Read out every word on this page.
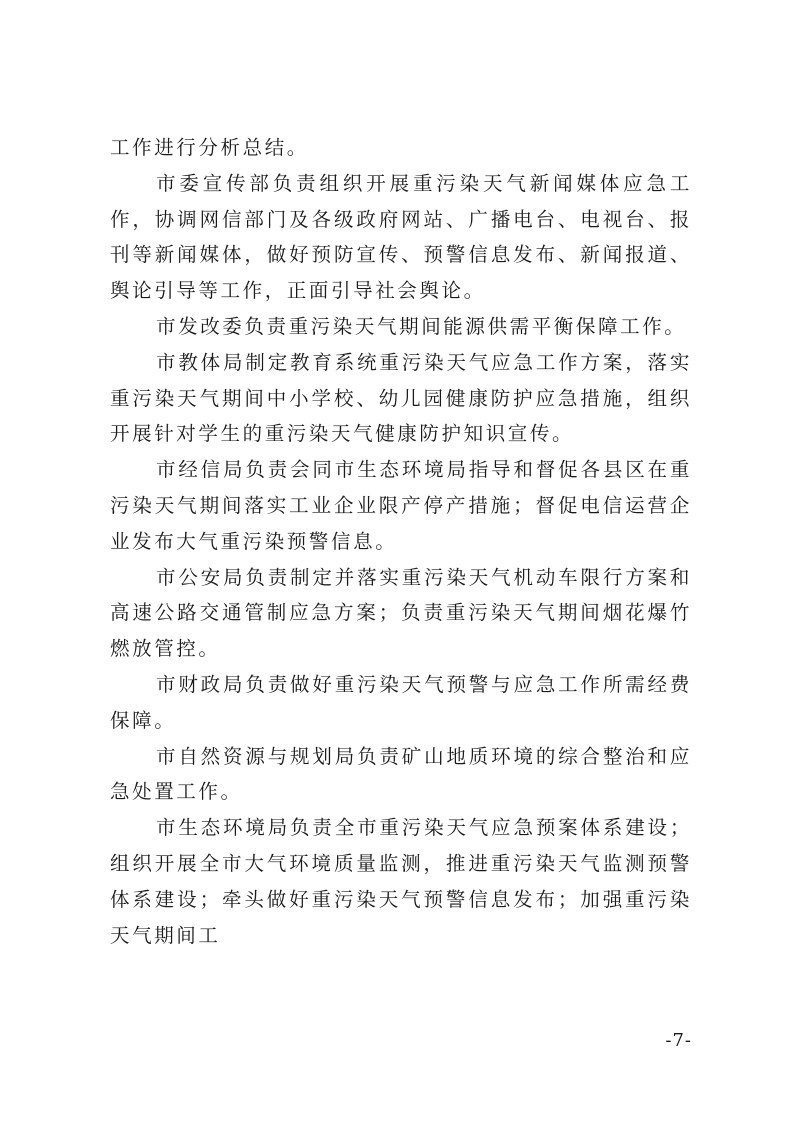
工作进行分析总结。

市委宣传部负责组织开展重污染天气新闻媒体应急工作，协调网信部门及各级政府网站、广播电台、电视台、报刊等新闻媒体，做好预防宣传、预警信息发布、新闻报道、舆论引导等工作，正面引导社会舆论。

市发改委负责重污染天气期间能源供需平衡保障工作。

市教体局制定教育系统重污染天气应急工作方案，落实重污染天气期间中小学校、幼儿园健康防护应急措施，组织开展针对学生的重污染天气健康防护知识宣传。

市经信局负责会同市生态环境局指导和督促各县区在重污染天气期间落实工业企业限产停产措施；督促电信运营企业发布大气重污染预警信息。

市公安局负责制定并落实重污染天气机动车限行方案和高速公路交通管制应急方案；负责重污染天气期间烟花爆竹燃放管控。

市财政局负责做好重污染天气预警与应急工作所需经费保障。

市自然资源与规划局负责矿山地质环境的综合整治和应急处置工作。

市生态环境局负责全市重污染天气应急预案体系建设；组织开展全市大气环境质量监测，推进重污染天气监测预警体系建设；牵头做好重污染天气预警信息发布；加强重污染天气期间工

-7-
